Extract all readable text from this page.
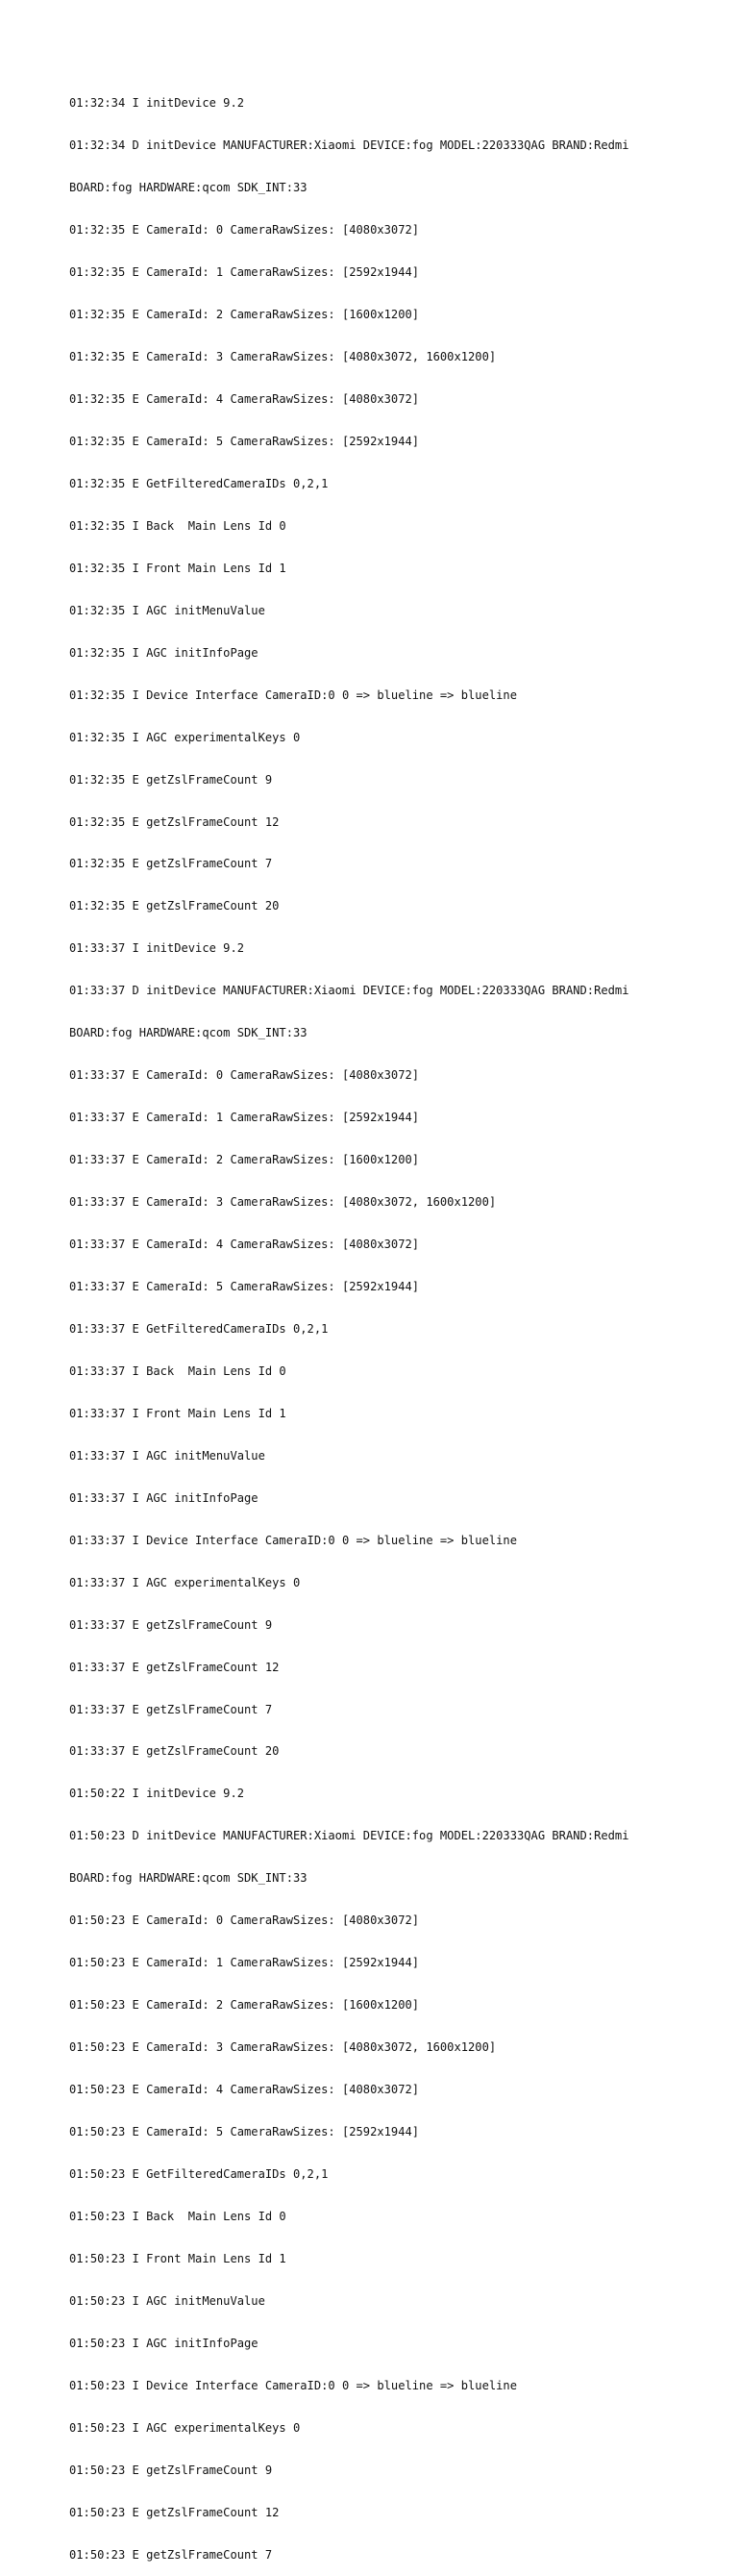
01:32:34 I initDevice 9.2

01:32:34 D initDevice MANUFACTURER:Xiaomi DEVICE:fog MODEL:220333QAG BRAND:Redmi

BOARD:fog HARDWARE:qcom SDK_INT:33

01:32:35 E CameraId: 0 CameraRawSizes: [4080x3072]

01:32:35 E CameraId: 1 CameraRawSizes: [2592x1944]

01:32:35 E CameraId: 2 CameraRawSizes: [1600x1200]

01:32:35 E CameraId: 3 CameraRawSizes: [4080x3072, 1600x1200]

01:32:35 E CameraId: 4 CameraRawSizes: [4080x3072]

01:32:35 E CameraId: 5 CameraRawSizes: [2592x1944]

01:32:35 E GetFilteredCameraIDs 0,2,1

01:32:35 I Back  Main Lens Id 0

01:32:35 I Front Main Lens Id 1

01:32:35 I AGC initMenuValue

01:32:35 I AGC initInfoPage

01:32:35 I Device Interface CameraID:0 0 => blueline => blueline

01:32:35 I AGC experimentalKeys 0

01:32:35 E getZslFrameCount 9

01:32:35 E getZslFrameCount 12

01:32:35 E getZslFrameCount 7

01:32:35 E getZslFrameCount 20

01:33:37 I initDevice 9.2

01:33:37 D initDevice MANUFACTURER:Xiaomi DEVICE:fog MODEL:220333QAG BRAND:Redmi

BOARD:fog HARDWARE:qcom SDK_INT:33

01:33:37 E CameraId: 0 CameraRawSizes: [4080x3072]

01:33:37 E CameraId: 1 CameraRawSizes: [2592x1944]

01:33:37 E CameraId: 2 CameraRawSizes: [1600x1200]

01:33:37 E CameraId: 3 CameraRawSizes: [4080x3072, 1600x1200]

01:33:37 E CameraId: 4 CameraRawSizes: [4080x3072]

01:33:37 E CameraId: 5 CameraRawSizes: [2592x1944]

01:33:37 E GetFilteredCameraIDs 0,2,1

01:33:37 I Back  Main Lens Id 0

01:33:37 I Front Main Lens Id 1

01:33:37 I AGC initMenuValue

01:33:37 I AGC initInfoPage

01:33:37 I Device Interface CameraID:0 0 => blueline => blueline

01:33:37 I AGC experimentalKeys 0

01:33:37 E getZslFrameCount 9

01:33:37 E getZslFrameCount 12

01:33:37 E getZslFrameCount 7

01:33:37 E getZslFrameCount 20

01:50:22 I initDevice 9.2

01:50:23 D initDevice MANUFACTURER:Xiaomi DEVICE:fog MODEL:220333QAG BRAND:Redmi

BOARD:fog HARDWARE:qcom SDK_INT:33

01:50:23 E CameraId: 0 CameraRawSizes: [4080x3072]

01:50:23 E CameraId: 1 CameraRawSizes: [2592x1944]

01:50:23 E CameraId: 2 CameraRawSizes: [1600x1200]

01:50:23 E CameraId: 3 CameraRawSizes: [4080x3072, 1600x1200]

01:50:23 E CameraId: 4 CameraRawSizes: [4080x3072]

01:50:23 E CameraId: 5 CameraRawSizes: [2592x1944]

01:50:23 E GetFilteredCameraIDs 0,2,1

01:50:23 I Back  Main Lens Id 0

01:50:23 I Front Main Lens Id 1

01:50:23 I AGC initMenuValue

01:50:23 I AGC initInfoPage

01:50:23 I Device Interface CameraID:0 0 => blueline => blueline

01:50:23 I AGC experimentalKeys 0

01:50:23 E getZslFrameCount 9

01:50:23 E getZslFrameCount 12

01:50:23 E getZslFrameCount 7
